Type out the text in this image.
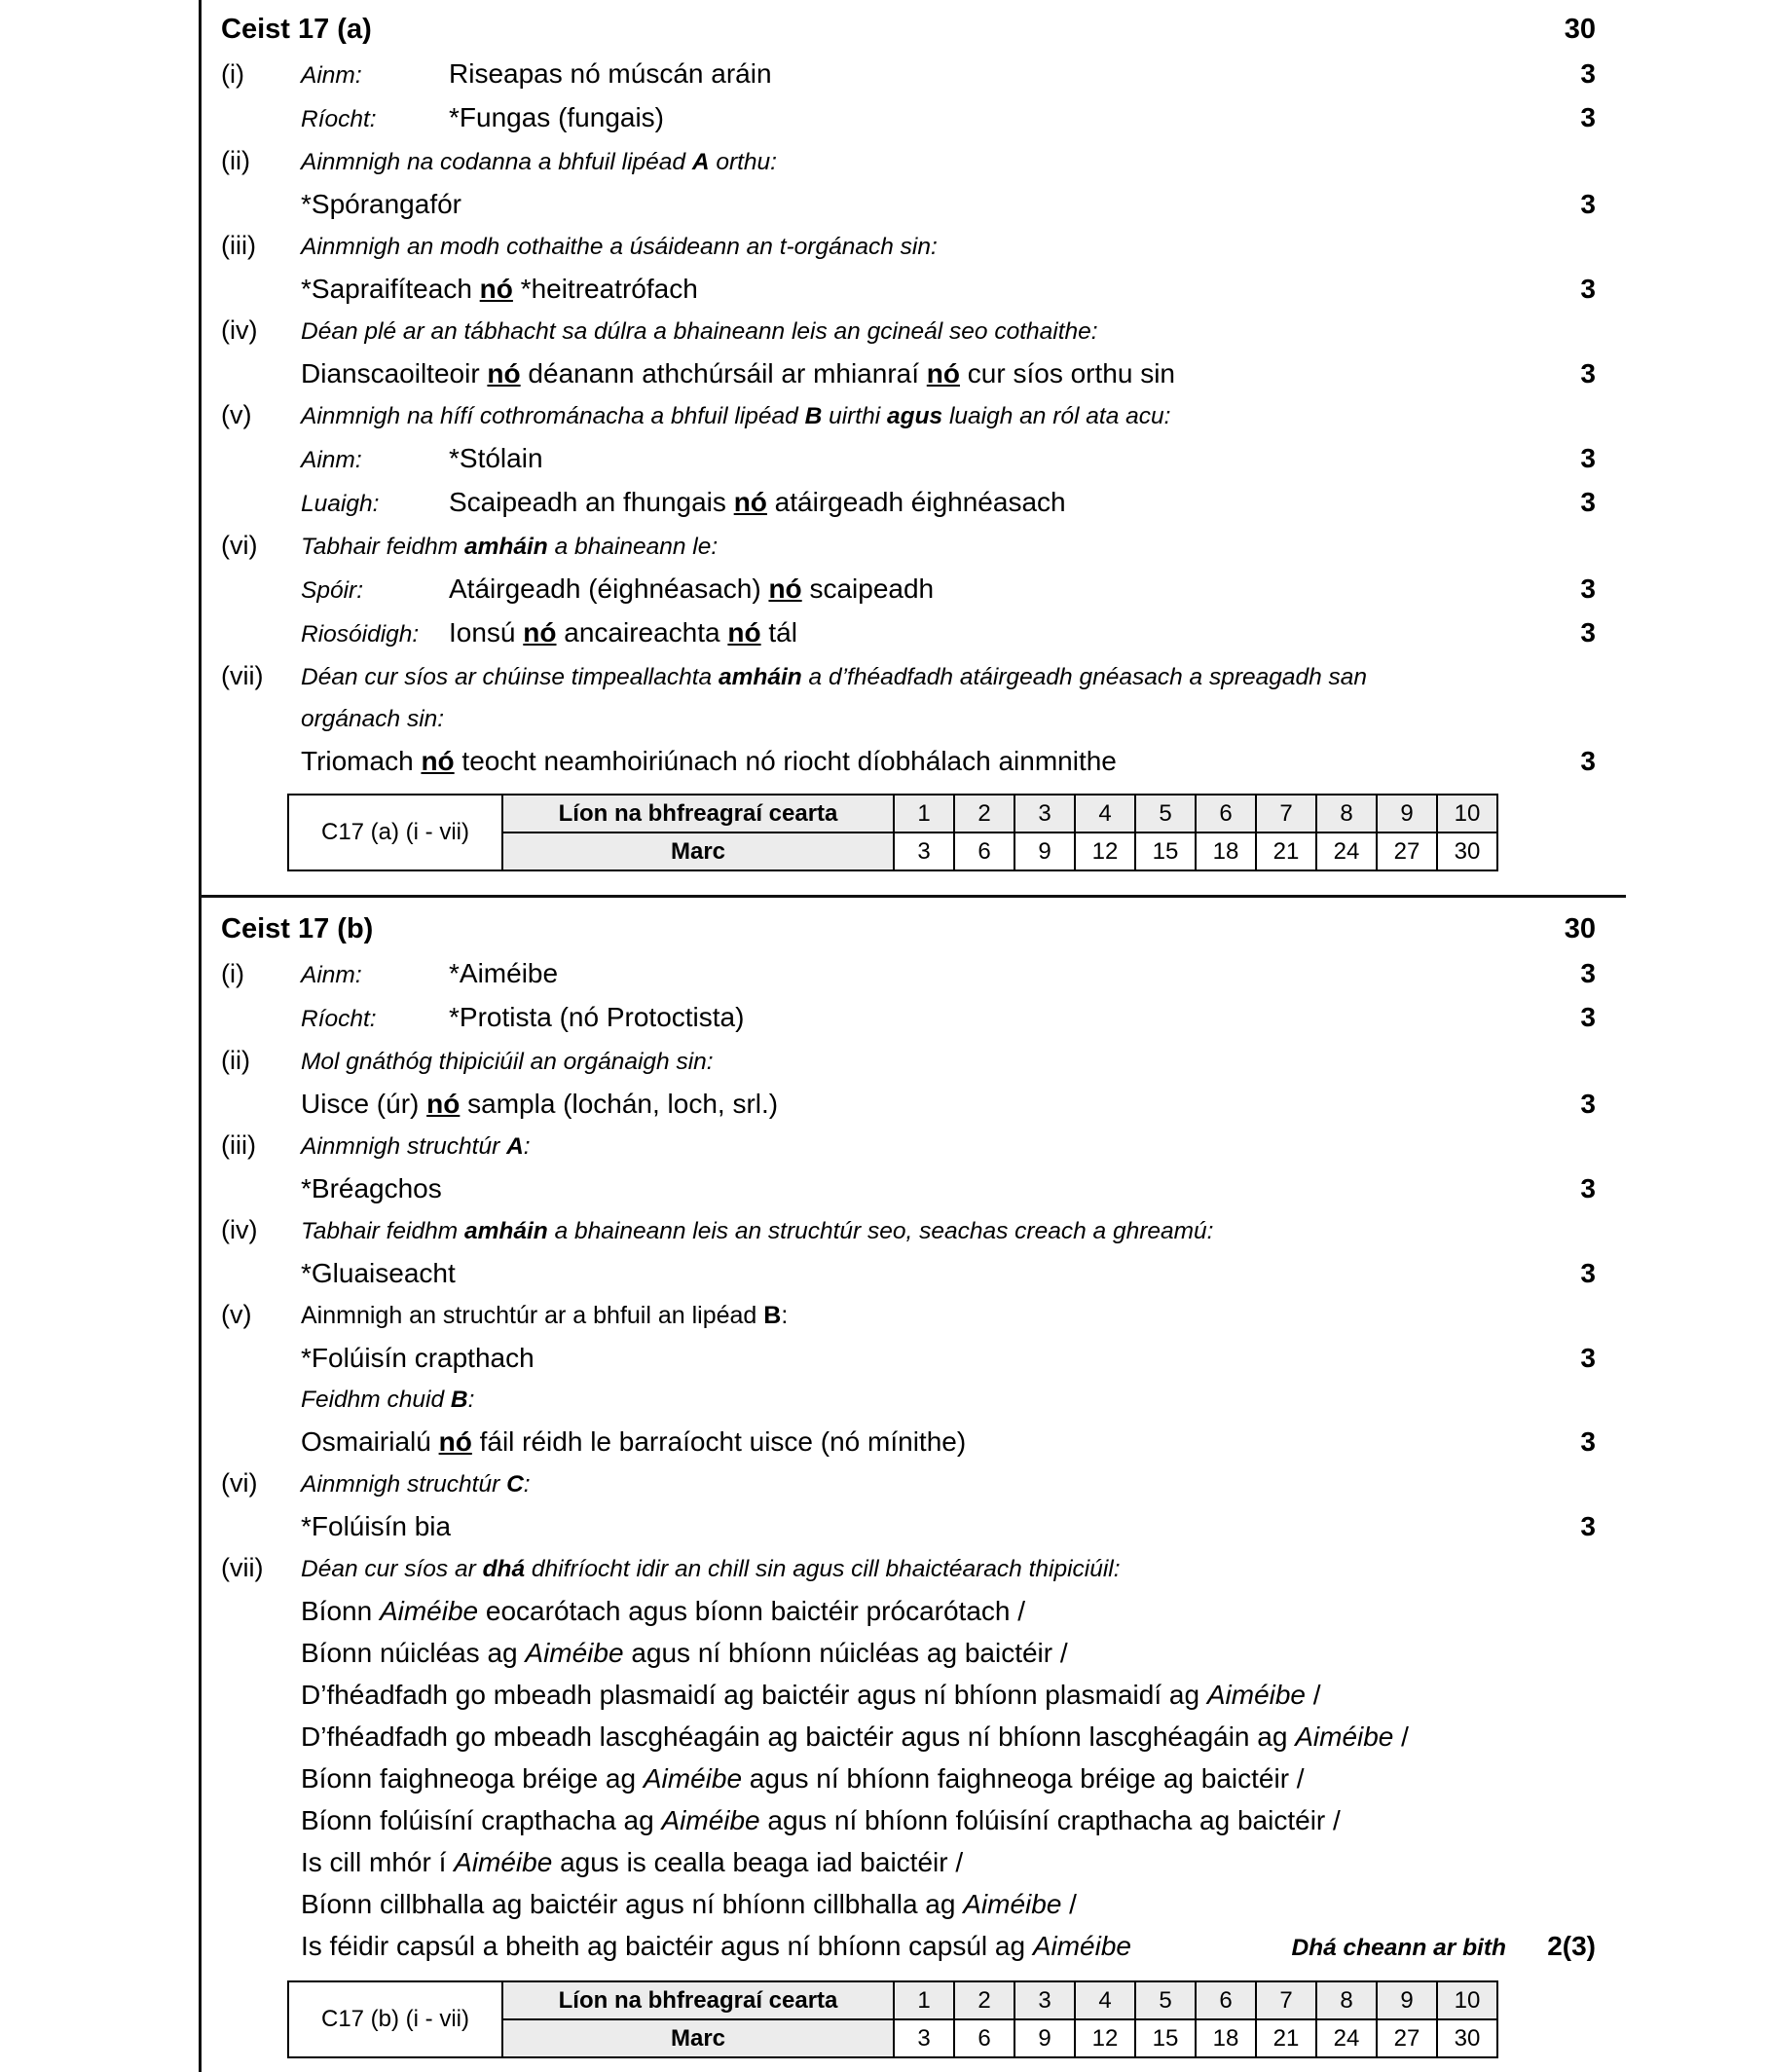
Ceist 17 (a)	30
(i)	Ainm:	Riseapas nó múscán aráin	3
Ríocht:	*Fungas (fungais)	3
(ii)	Ainmnigh na codanna a bhfuil lipéad A orthu:
*Spórangafór	3
(iii)	Ainmnigh an modh cothaithe a úsáideann an t-orgánach sin:
*Sapraifíteach nó *heitreatrófach	3
(iv)	Déan plé ar an tábhacht sa dúlra a bhaineann leis an gcineál seo cothaithe:
Dianscaoilteoir nó déanann athchúrsáil ar mhianraí nó cur síos orthu sin	3
(v)	Ainmnigh na hífí cothrománacha a bhfuil lipéad B uirthi agus luaigh an ról ata acu:
Ainm:	*Stólain	3
Luaigh:	Scaipeadh an fhungais nó atáirgeadh éighnéasach	3
(vi)	Tabhair feidhm amháin a bhaineann le:
Spóir:	Atáirgeadh (éighnéasach) nó scaipeadh	3
Riosóidigh:	Ionsú nó ancaireachta nó tál	3
(vii)	Déan cur síos ar chúinse timpeallachta amháin a d’fhéadfadh atáirgeadh gnéasach a spreagadh san
orgánach sin:
Triomach nó teocht neamhoiriúnach nó riocht díobhálach ainmnithe	3
C17 (a) (i - vii)	Líon na bhfreagraí cearta	1	2	3	4	5	6	7	8	9	10
	Marc	3	6	9	12	15	18	21	24	27	30
Ceist 17 (b)	30
(i)	Ainm:	*Aiméibe	3
Ríocht:	*Protista (nó Protoctista)	3
(ii)	Mol gnáthóg thipiciúil an orgánaigh sin:
Uisce (úr) nó sampla (lochán, loch, srl.)	3
(iii)	Ainmnigh struchtúr A:
*Bréagchos	3
(iv)	Tabhair feidhm amháin a bhaineann leis an struchtúr seo, seachas creach a ghreamú:
*Gluaiseacht	3
(v)	Ainmnigh an struchtúr ar a bhfuil an lipéad B:
*Folúisín crapthach	3
Feidhm chuid B:
Osmairialú nó fáil réidh le barraíocht uisce (nó mínithe)	3
(vi)	Ainmnigh struchtúr C:
*Folúisín bia	3
(vii)	Déan cur síos ar dhá dhifríocht idir an chill sin agus cill bhaictéarach thipiciúil:
Bíonn Aiméibe eocarótach agus bíonn baictéir prócarótach /
Bíonn núicléas ag Aiméibe agus ní bhíonn núicléas ag baictéir /
D’fhéadfadh go mbeadh plasmaidí ag baictéir agus ní bhíonn plasmaidí ag Aiméibe /
D’fhéadfadh go mbeadh lascghéagáin ag baictéir agus ní bhíonn lascghéagáin ag Aiméibe /
Bíonn faighneoga bréige ag Aiméibe agus ní bhíonn faighneoga bréige ag baictéir /
Bíonn folúisíní crapthacha ag Aiméibe agus ní bhíonn folúisíní crapthacha ag baictéir /
Is cill mhór í Aiméibe agus is cealla beaga iad baictéir /
Bíonn cillbhalla ag baictéir agus ní bhíonn cillbhalla ag Aiméibe /
Is féidir capsúl a bheith ag baictéir agus ní bhíonn capsúl ag Aiméibe	Dhá cheann ar bith	2(3)
C17 (b) (i - vii)	Líon na bhfreagraí cearta	1	2	3	4	5	6	7	8	9	10
	Marc	3	6	9	12	15	18	21	24	27	30
